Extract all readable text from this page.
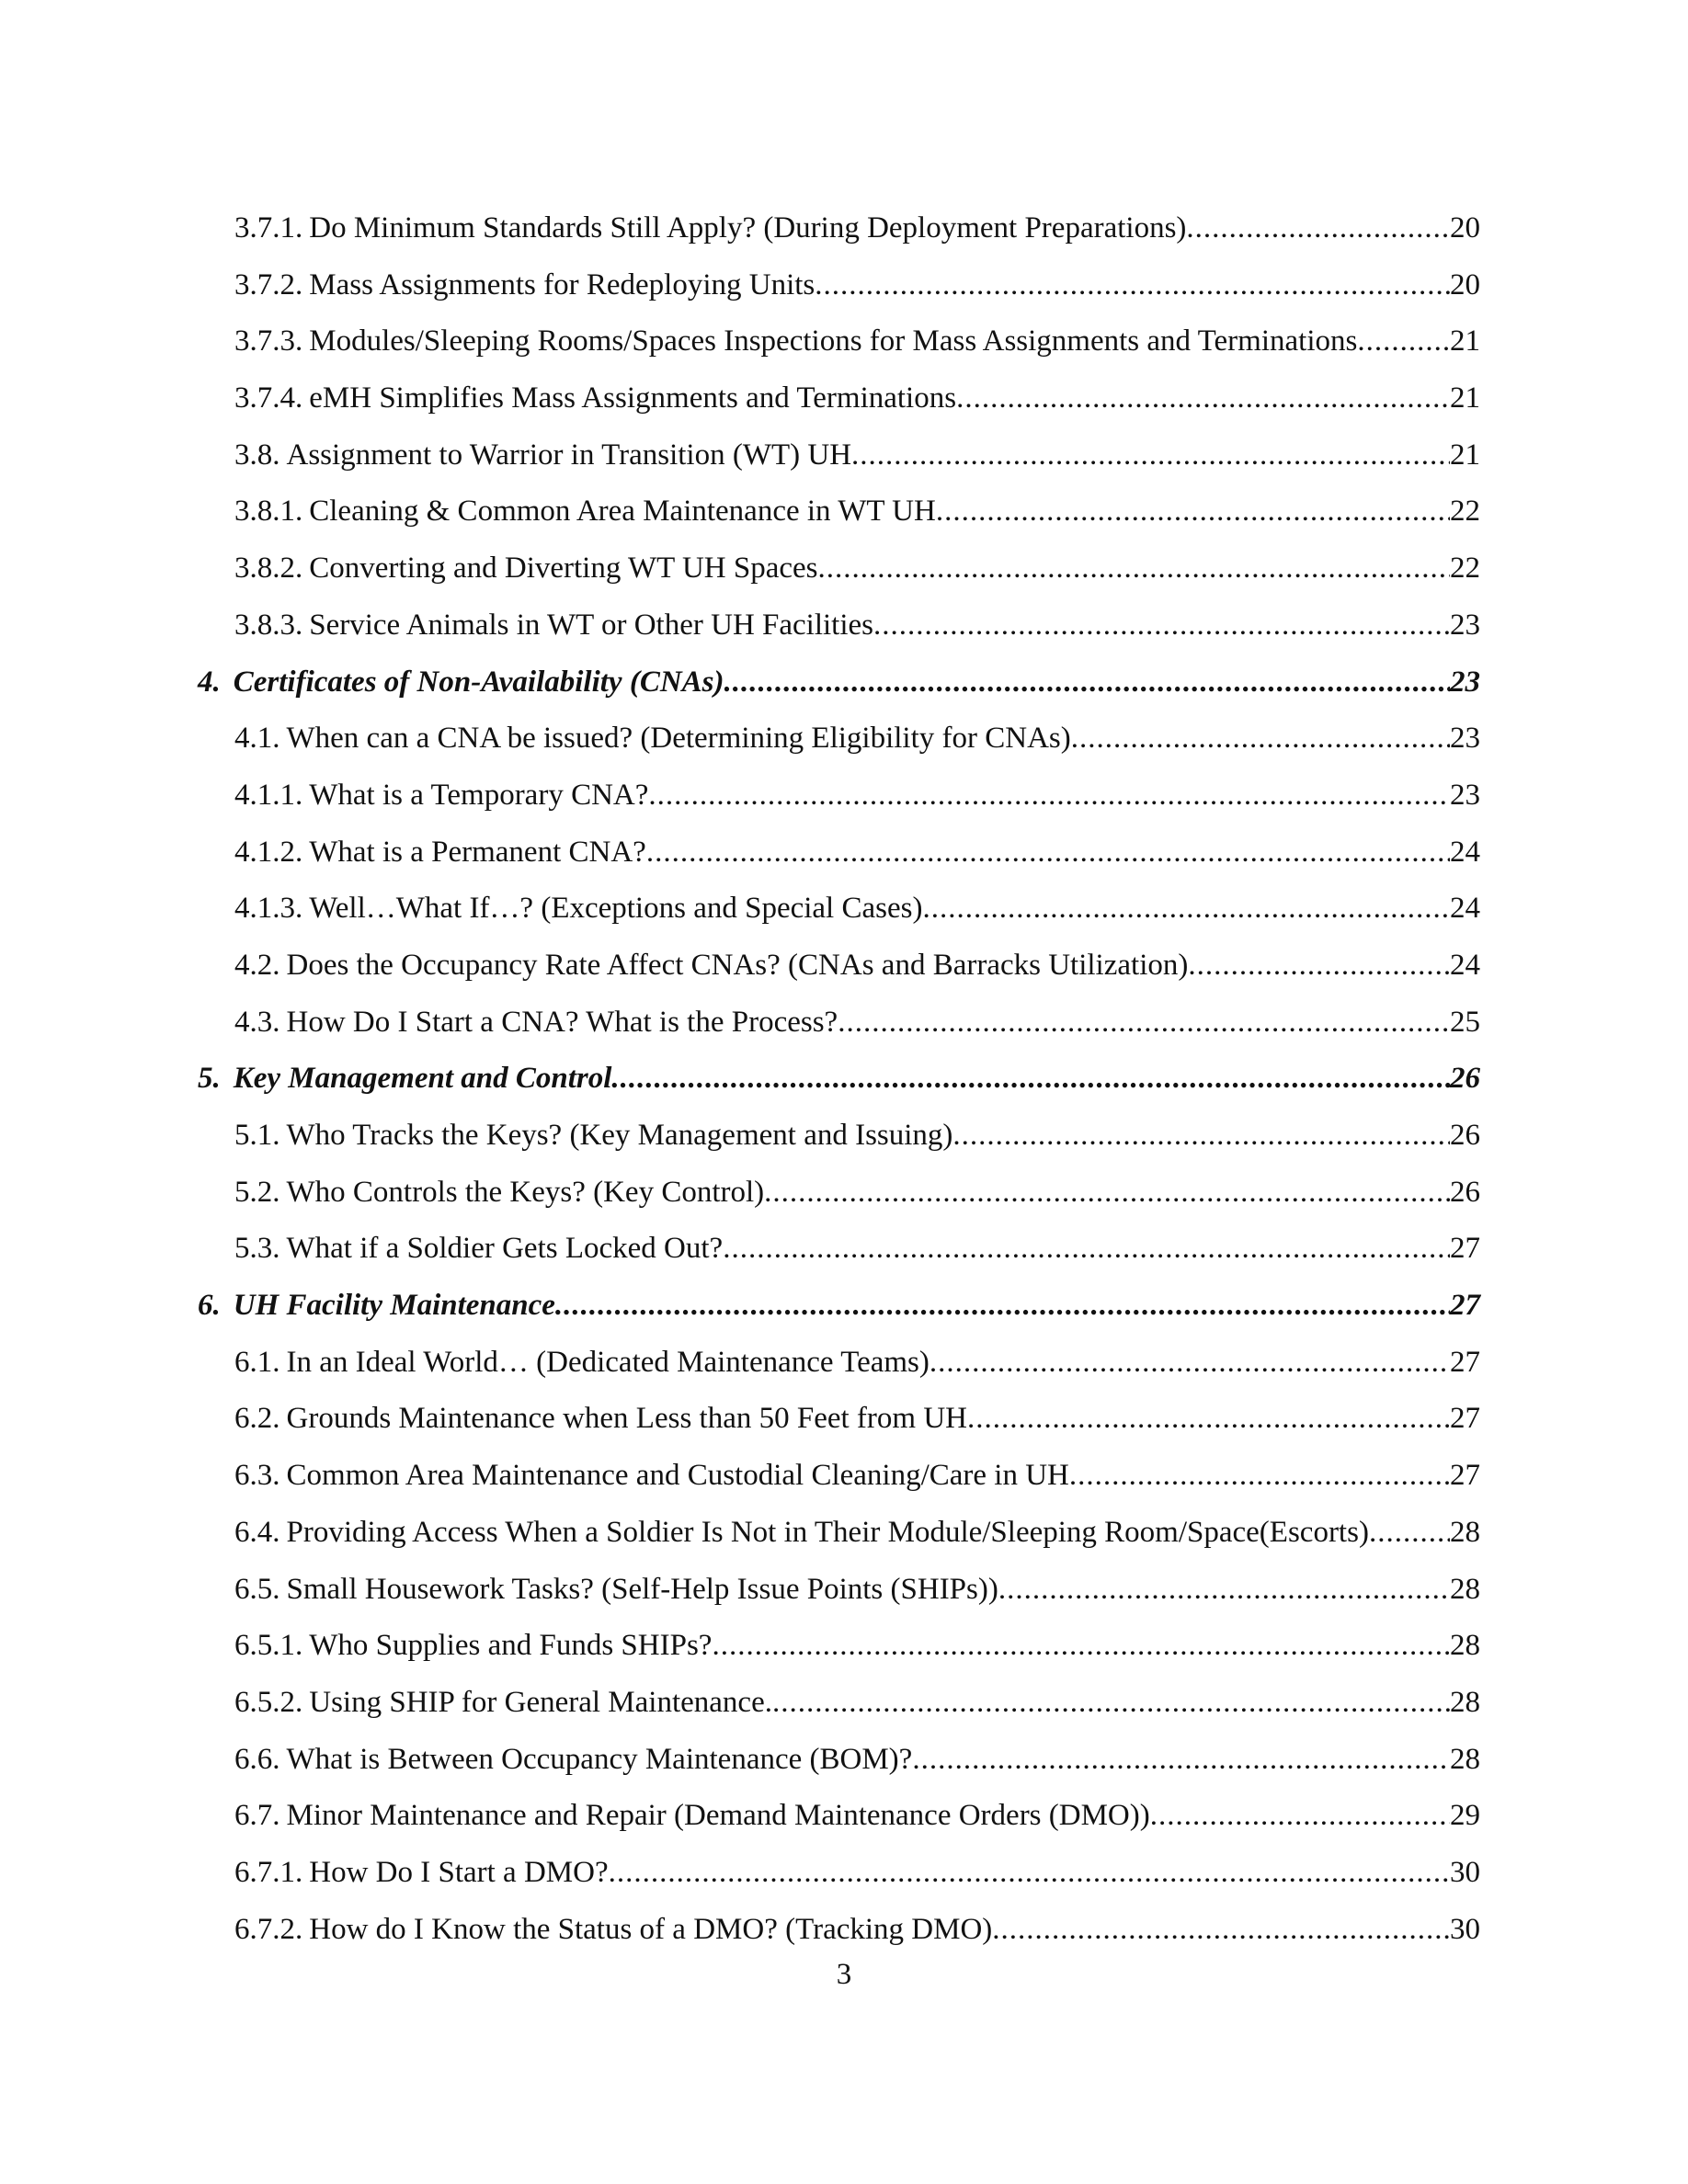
3.7.1. Do Minimum Standards Still Apply? (During Deployment Preparations) .....	20
3.7.2. Mass Assignments for Redeploying Units .....	20
3.7.3. Modules/Sleeping Rooms/Spaces Inspections for Mass Assignments and Terminations .....	21
3.7.4. eMH Simplifies Mass Assignments and Terminations .....	21
3.8. Assignment to Warrior in Transition (WT) UH .....	21
3.8.1. Cleaning & Common Area Maintenance in WT UH .....	22
3.8.2. Converting and Diverting WT UH Spaces .....	22
3.8.3. Service Animals in WT or Other UH Facilities .....	23
4. Certificates of Non-Availability (CNAs) .....	23
4.1. When can a CNA be issued? (Determining Eligibility for CNAs) .....	23
4.1.1. What is a Temporary CNA? .....	23
4.1.2. What is a Permanent CNA? .....	24
4.1.3. Well…What If…? (Exceptions and Special Cases) .....	24
4.2. Does the Occupancy Rate Affect CNAs? (CNAs and Barracks Utilization) .....	24
4.3. How Do I Start a CNA? What is the Process? .....	25
5. Key Management and Control .....	26
5.1. Who Tracks the Keys? (Key Management and Issuing) .....	26
5.2. Who Controls the Keys? (Key Control) .....	26
5.3. What if a Soldier Gets Locked Out? .....	27
6. UH Facility Maintenance .....	27
6.1. In an Ideal World… (Dedicated Maintenance Teams) .....	27
6.2. Grounds Maintenance when Less than 50 Feet from UH .....	27
6.3. Common Area Maintenance and Custodial Cleaning/Care in UH .....	27
6.4. Providing Access When a Soldier Is Not in Their Module/Sleeping Room/Space(Escorts) .....	28
6.5. Small Housework Tasks? (Self-Help Issue Points (SHIPs)) .....	28
6.5.1. Who Supplies and Funds SHIPs? .....	28
6.5.2. Using SHIP for General Maintenance. .....	28
6.6. What is Between Occupancy Maintenance (BOM)? .....	28
6.7. Minor Maintenance and Repair (Demand Maintenance Orders (DMO)) .....	29
6.7.1. How Do I Start a DMO? .....	30
6.7.2. How do I Know the Status of a DMO? (Tracking DMO) .....	30
3
